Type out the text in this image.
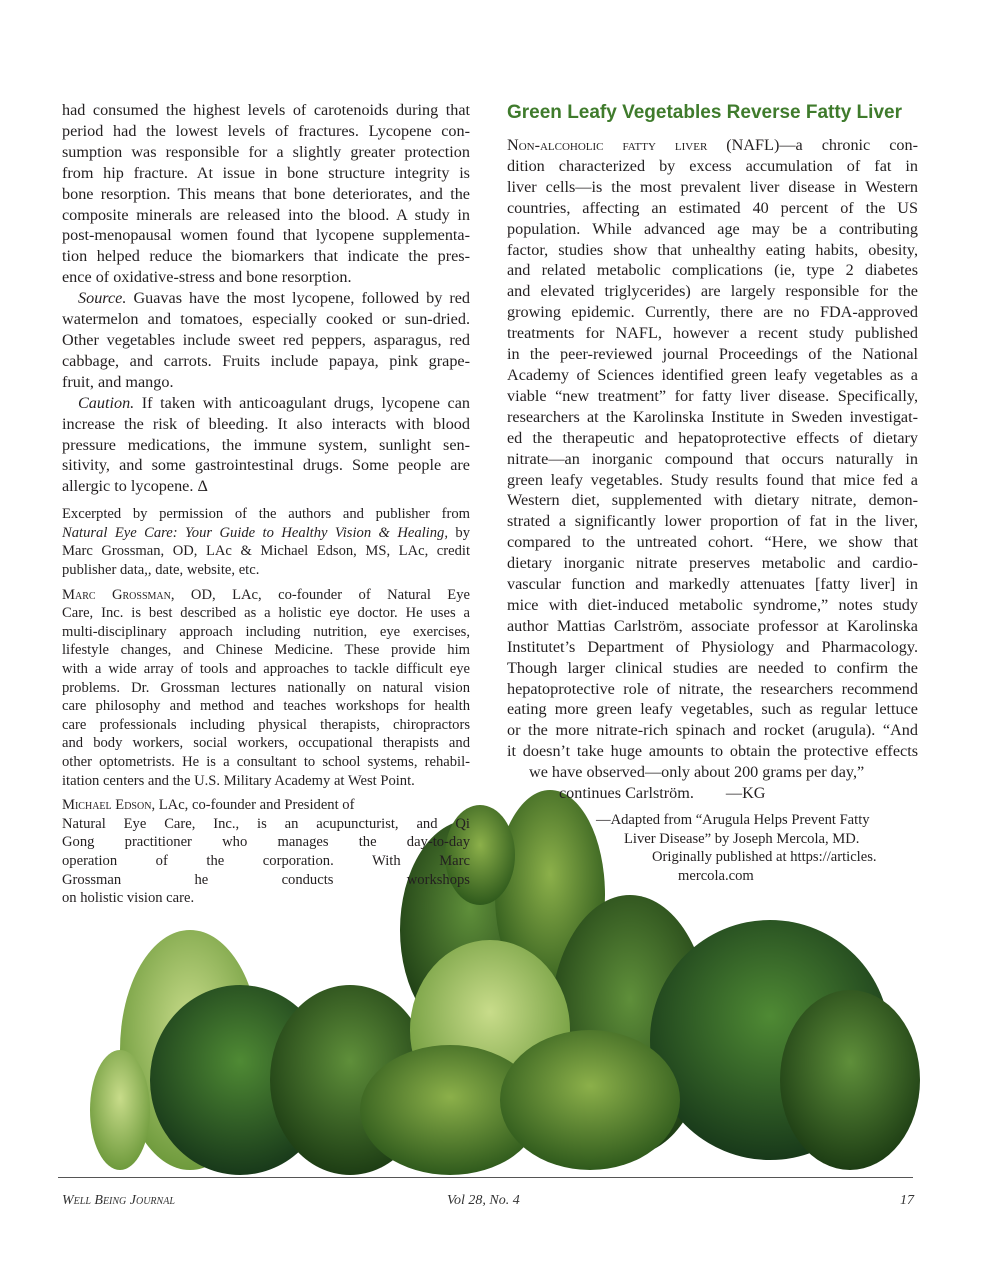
had consumed the highest levels of carotenoids during that
period had the lowest levels of fractures. Lycopene con-
sumption was responsible for a slightly greater protection
from hip fracture. At issue in bone structure integrity is
bone resorption. This means that bone deteriorates, and the
composite minerals are released into the blood. A study in
post-menopausal women found that lycopene supplementa-
tion helped reduce the biomarkers that indicate the pres-
ence of oxidative-stress and bone resorption.
Source. Guavas have the most lycopene, followed by red
watermelon and tomatoes, especially cooked or sun-dried.
Other vegetables include sweet red peppers, asparagus, red
cabbage, and carrots. Fruits include papaya, pink grape-
fruit, and mango.
Caution. If taken with anticoagulant drugs, lycopene can
increase the risk of bleeding. It also interacts with blood
pressure medications, the immune system, sunlight sen-
sitivity, and some gastrointestinal drugs. Some people are
allergic to lycopene. Δ
Excerpted by permission of the authors and publisher from
Natural Eye Care: Your Guide to Healthy Vision & Healing, by
Marc Grossman, OD, LAc & Michael Edson, MS, LAc, credit
publisher data,, date, website, etc.
Marc Grossman, OD, LAc, co-founder of Natural Eye
Care, Inc. is best described as a holistic eye doctor. He uses a
multi-disciplinary approach including nutrition, eye exercises,
lifestyle changes, and Chinese Medicine. These provide him
with a wide array of tools and approaches to tackle difficult eye
problems. Dr. Grossman lectures nationally on natural vision
care philosophy and method and teaches workshops for health
care professionals including physical therapists, chiropractors
and body workers, social workers, occupational therapists and
other optometrists. He is a consultant to school systems, rehabil-
itation centers and the U.S. Military Academy at West Point.
Michael Edson, LAc, co-founder and President of
Natural Eye Care, Inc., is an acupuncturist, and Qi
Gong practitioner who manages the day-to-day
operation of the corporation. With Marc
Grossman he conducts workshops
on holistic vision care.
Green Leafy Vegetables Reverse Fatty Liver
Non-alcoholic fatty liver (NAFL)—a chronic con-
dition characterized by excess accumulation of fat in
liver cells—is the most prevalent liver disease in Western
countries, affecting an estimated 40 percent of the US
population. While advanced age may be a contributing
factor, studies show that unhealthy eating habits, obesity,
and related metabolic complications (ie, type 2 diabetes
and elevated triglycerides) are largely responsible for the
growing epidemic. Currently, there are no FDA-approved
treatments for NAFL, however a recent study published
in the peer-reviewed journal Proceedings of the National
Academy of Sciences identified green leafy vegetables as a
viable “new treatment” for fatty liver disease. Specifically,
researchers at the Karolinska Institute in Sweden investigat-
ed the therapeutic and hepatoprotective effects of dietary
nitrate—an inorganic compound that occurs naturally in
green leafy vegetables. Study results found that mice fed a
Western diet, supplemented with dietary nitrate, demon-
strated a significantly lower proportion of fat in the liver,
compared to the untreated cohort. “Here, we show that
dietary inorganic nitrate preserves metabolic and cardio-
vascular function and markedly attenuates [fatty liver] in
mice with diet-induced metabolic syndrome,” notes study
author Mattias Carlström, associate professor at Karolinska
Institutet’s Department of Physiology and Pharmacology.
Though larger clinical studies are needed to confirm the
hepatoprotective role of nitrate, the researchers recommend
eating more green leafy vegetables, such as regular lettuce
or the more nitrate-rich spinach and rocket (arugula). “And
it doesn’t take huge amounts to obtain the protective effects
we have observed—only about 200 grams per day,”
continues Carlström. —KG
—Adapted from “Arugula Helps Prevent Fatty
Liver Disease” by Joseph Mercola, MD.
Originally published at https://articles.
mercola.com
Well Being Journal	Vol 28, No. 4	17
